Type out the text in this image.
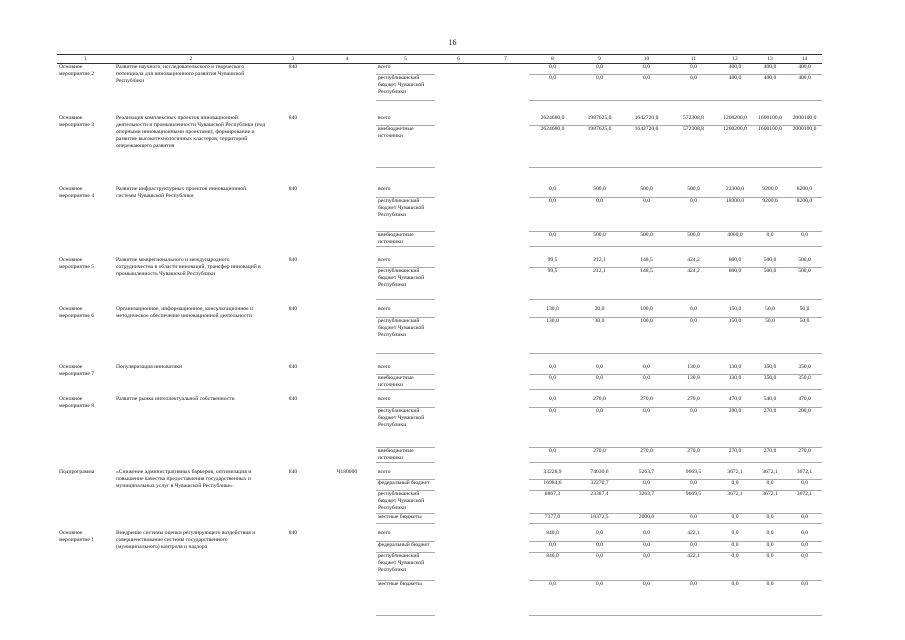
16
1	2	3	4	5	6	7	8	9	10	11	12	13	14
Основное мероприятие 2	Развитие научного, исследовательского и творческого потенциала для инновационного развития Чувашской Республики	840		всего			0,0	0,0	0,0	0,0	400,0	400,0	400,0
				республиканский бюджет Чувашской Республики			0,0	0,0	0,0	0,0	400,0	400,0	400,0

Основное мероприятие 3	Реализация комплексных проектов инновационной деятельности и промышленности Чувашской Республики (под опорными инновационными проектами), формирование и развитие высокотехнологичных кластеров, территорий опережающего развития	840		всего			2624680,0	1987625,0	1642720,0	572308,8	1200200,0	1600100,0	2000100,0
				внебюджетные источники			2624680,0	1987625,0	1642720,0	572308,8	1200200,0	1600100,0	2000100,0

Основное мероприятие 4	Развитие инфраструктурных проектов инновационной системы Чувашской Республики	840		всего			0,0	500,0	500,0	500,0	22300,0	9200,0	8200,0
				республиканский бюджет Чувашской Республики			0,0	0,0	0,0	0,0	18300,0	9200,0	8200,0
				внебюджетные источники			0,0	500,0	500,0	500,0	4000,0	0,0	0,0

Основное мероприятие 5	Развитие межрегионального и международного сотрудничества в области инноваций, трансфер инноваций в промышленность Чувашской Республики	840		всего			99,5	212,1	148,5	424,2	800,0	500,0	500,0
				республиканский бюджет Чувашской Республики			99,5	212,1	148,5	424,2	800,0	500,0	500,0

Основное мероприятие 6	Организационное, информационное, консультационное и методическое обеспечение инновационной деятельности	840		всего			130,0	30,0	100,0	0,0	150,0	50,0	50,0
				республиканский бюджет Чувашской Республики			130,0	30,0	100,0	0,0	150,0	50,0	50,0

Основное мероприятие 7	Популяризация инноватики	840		всего			0,0	0,0	0,0	130,0	130,0	350,0	350,0
				внебюджетные источники			0,0	0,0	0,0	130,0	130,0	350,0	350,0

Основное мероприятие 8	Развитие рынка интеллектуальной собственности	840		всего			0,0	270,0	270,0	270,0	470,0	540,0	470,0
				республиканский бюджет Чувашской Республики			0,0	0,0	0,0	0,0	200,0	270,0	200,0
				внебюджетные источники			0,0	270,0	270,0	270,0	270,0	270,0	270,0

Подпрограмма	«Снижение административных барьеров, оптимизация и повышение качества предоставления государственных и муниципальных услуг в Чувашской Республике»	840	Ч180000	всего			33228,9	74030,6	5263,7	9669,5	3672,1	3672,1	3672,1
				федеральный бюджет			16984,6	32270,7	0,0	0,0	0,0	0,0	0,0
				республиканский бюджет Чувашской Республики			8867,3	23387,4	3263,7	9669,5	3672,1	3672,1	3672,1
				местные бюджеты			7377,0	18372,5	2000,0	0,0	0,0	0,0	0,0

Основное мероприятие 1	Внедрение системы оценки регулирующего воздействия и совершенствование системы государственного (муниципального) контроля и надзора	840		всего			840,0	0,0	0,0	422,1	0,0	0,0	0,0
				федеральный бюджет			0,0	0,0	0,0	0,0	0,0	0,0	0,0
				республиканский бюджет Чувашской Республики			840,0	0,0	0,0	422,1	0,0	0,0	0,0
				местные бюджеты			0,0	0,0	0,0	0,0	0,0	0,0	0,0
